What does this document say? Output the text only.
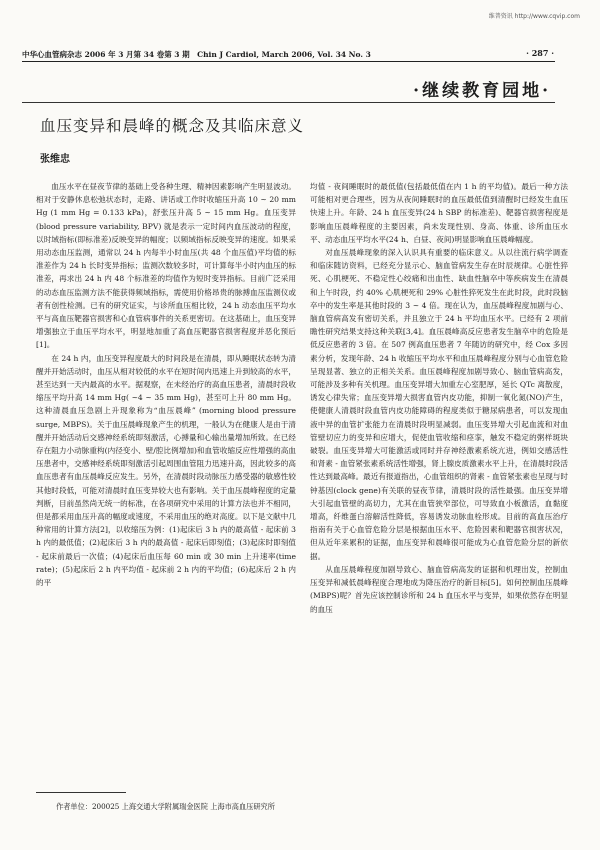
维普资讯 http://www.cqvip.com
中华心血管病杂志 2006 年 3 月第 34 卷第 3 期　Chin J Cardiol, March 2006, Vol. 34 No. 3	· 287 ·
·继续教育园地·
血压变异和晨峰的概念及其临床意义
张维忠

血压水平在昼夜节律的基础上受各种生理、精神因素影响产生明显波动。相对于安静休息松弛状态时，走路、讲话或工作时收缩压升高 10 ~ 20 mm Hg (1 mm Hg = 0.133 kPa)，舒张压升高 5 ~ 15 mm Hg。血压变异 (blood pressure variability, BPV) 就是表示一定时间内血压波动的程度，以时域指标(即标准差)反映变异的幅度；以频域指标反映变异的速度。如果采用动态血压监测，通常以 24 h 内每半小时血压(共 48 个血压值)平均值的标准差作为 24 h 长时变异指标；监测次数较多时，可计算每半小时内血压的标准差，再求出 24 h 内 48 个标准差的均值作为短时变异指标。目前广泛采用的动态血压监测方法不能获得频域指标，需使用价格昂贵的脉搏血压监测仪或者有创性检测。已有的研究证实，与诊所血压相比较，24 h 动态血压平均水平与高血压靶器官损害和心血管病事件的关系更密切。在这基础上，血压变异增强独立于血压平均水平，明显地加重了高血压靶器官损害程度并恶化预后[1]。

在 24 h 内，血压变异程度最大的时间段是在清晨，即从睡眠状态转为清醒并开始活动时，血压从相对较低的水平在短时间内迅速上升到较高的水平，甚至达到一天内最高的水平。据观察，在未经治疗的高血压患者，清晨时段收缩压平均升高 14 mm Hg( ~4 ~ 35 mm Hg)，甚至可上升 80 mm Hg。这种清晨血压急剧上升现象称为“血压晨峰” (morning blood pressure surge, MBPS)。关于血压晨峰现象产生的机理，一般认为在健康人是由于清醒并开始活动后交感神经系统即刻激活，心搏量和心输出量增加所致。在已经存在阻力小动脉重构(内径变小、壁/腔比例增加)和血管收缩反应性增强的高血压患者中，交感神经系统即刻激活引起周围血管阻力迅速升高，因此较多的高血压患者有血压晨峰反应发生。另外，在清晨时段动脉压力感受器的敏感性较其他时段低，可能对清晨时血压变异较大也有影响。关于血压晨峰程度的定量判断，目前虽然尚无统一的标准，在各项研究中采用的计算方法也并不相同，但是都采用血压升高的幅度或速度，不采用血压的绝对高度。以下是文献中几种常用的计算方法[2]，以收缩压为例：(1)起床后 3 h 内的最高值 - 起床前 3 h 内的最低值；(2)起床后 3 h 内的最高值 - 起床后即刻值；(3)起床时即刻值 - 起床前最后一次值；(4)起床后血压每 60 min 或 30 min 上升速率(time rate)；(5)起床后 2 h 内平均值 - 起床前 2 h 内的平均值；(6)起床后 2 h 内的平

均值 - 夜间睡眠时的最低值(包括最低值在内 1 h 的平均值)。最后一种方法可能相对更合理些，因为从夜间睡眠时的血压最低值到清醒时已经发生血压快速上升。年龄、24 h 血压变异(24 h SBP 的标准差)、靶器官损害程度是影响血压晨峰程度的主要因素，尚未发现性别、身高、体重、诊所血压水平、动态血压平均水平(24 h、白昼、夜间)明显影响血压晨峰幅度。

对血压晨峰现象的深入认识具有重要的临床意义。从以往流行病学调查和临床随访资料，已经充分显示心、脑血管病发生存在时辰规律。心脏性猝死、心肌梗死、不稳定性心绞痛和出血性、缺血性脑卒中等疾病发生在清晨和上午时段，约 40% 心肌梗死和 29% 心脏性猝死发生在此时段，此时段脑卒中的发生率是其他时段的 3 ~ 4 倍。现在认为，血压晨峰程度加剧与心、脑血管病高发有密切关系，并且独立于 24 h 平均血压水平。已经有 2 项前瞻性研究结果支持这种关联[3,4]。血压晨峰高反应患者发生脑卒中的危险是低反应患者的 3 倍。在 507 例高血压患者 7 年随访的研究中，经 Cox 多因素分析，发现年龄、24 h 收缩压平均水平和血压晨峰程度分别与心血管危险呈现显著、独立的正相关关系。血压晨峰程度加剧导致心、脑血管病高发，可能涉及多种有关机理。血压变异增大加重左心室肥厚，延长 QTc 离散度，诱发心律失常；血压变异增大损害血管内皮功能，抑制一氧化氮(NO)产生，使健康人清晨时段血管内皮功能障碍的程度类似于糖尿病患者，可以发现血液中异的血管扩张能力在清晨时段明显减弱。血压变异增大引起血流和对血管壁切应力的变异和应增大，促使血管收缩和痉挛，触发不稳定的粥样斑块破裂。血压变异增大可能激活或同时并存神经激素系统亢进，例如交感活性和肾素 - 血管紧张素系统活性增强，肾上腺皮质激素水平上升，在清晨时段活性达到最高峰。最近有报道指出，心血管组织的肾素 - 血管紧张素也呈现与时钟基因(clock gene)有关联的昼夜节律，清晨时段的活性最强。血压变异增大引起血管壁的高切力，尤其在血管狭窄部位，可导致血小板激活，血黏度增高，纤维蛋白溶解活性降低，容易诱发动脉血栓形成。目前的高血压治疗指南有关于心血管危险分层是根据血压水平、危险因素和靶器官损害状况，但从近年来累积的证据，血压变异和晨峰很可能成为心血管危险分层的新依据。

从血压晨峰程度加剧导致心、脑血管病高发的证据和机理出发，控制血压变异和减低晨峰程度合理地成为降压治疗的新目标[5]。如何控制血压晨峰(MBPS)呢？首先应该控制诊所和 24 h 血压水平与变异，如果依然存在明显的血压

作者单位：200025 上海交通大学附属瑞金医院 上海市高血压研究所
